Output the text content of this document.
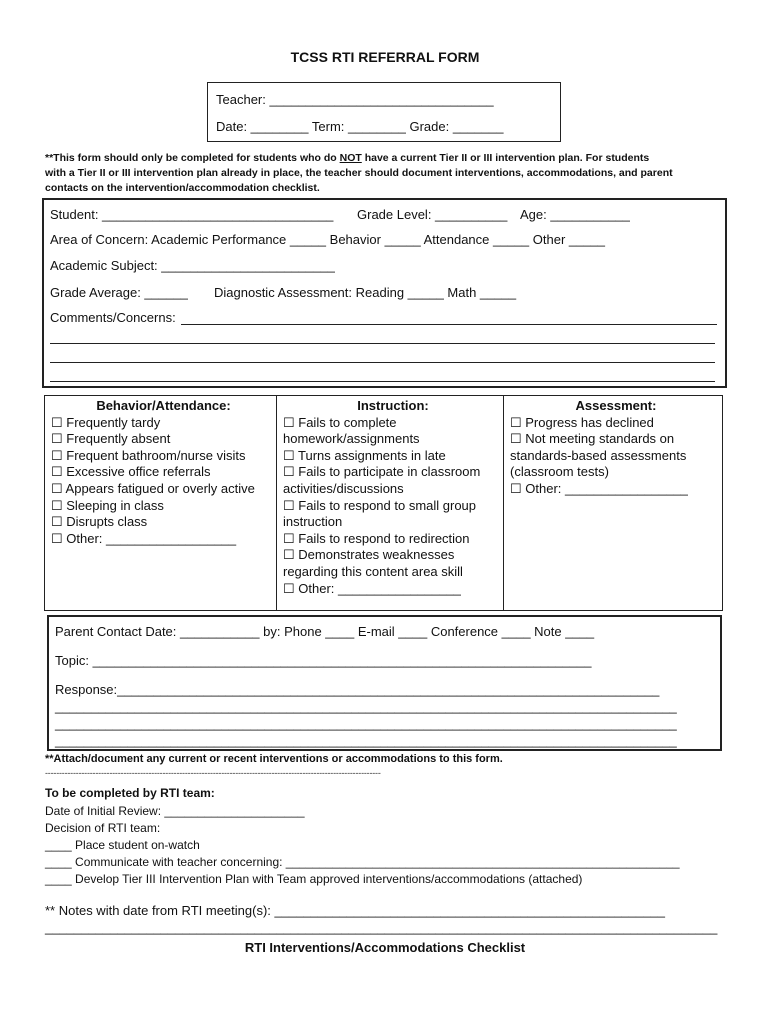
TCSS RTI REFERRAL FORM
Teacher: _______________________________
Date: ________ Term: ________ Grade: _______
**This form should only be completed for students who do NOT have a current Tier II or III intervention plan. For students
with a Tier II or III intervention plan already in place, the teacher should document interventions, accommodations, and parent
contacts on the intervention/accommodation checklist.
Student: ________________________________ Grade Level: __________ Age: ___________
Area of Concern: Academic Performance _____ Behavior _____ Attendance _____ Other _____
Academic Subject: ________________________
Grade Average: ______ Diagnostic Assessment: Reading _____ Math _____
Comments/Concerns:
Behavior/Attendance:
☐ Frequently tardy
☐ Frequently absent
☐ Frequent bathroom/nurse visits
☐ Excessive office referrals
☐ Appears fatigued or overly active
☐ Sleeping in class
☐ Disrupts class
☐ Other: __________________
Instruction:
☐ Fails to complete
homework/assignments
☐ Turns assignments in late
☐ Fails to participate in classroom
activities/discussions
☐ Fails to respond to small group
instruction
☐ Fails to respond to redirection
☐ Demonstrates weaknesses
regarding this content area skill
☐ Other: _________________
Assessment:
☐ Progress has declined
☐ Not meeting standards on
standards-based assessments
(classroom tests)
☐ Other: _________________
Parent Contact Date: ___________ by: Phone ____ E-mail ____ Conference ____ Note ____
Topic: _____________________________________________________________________
Response:___________________________________________________________________________
______________________________________________________________________________________
______________________________________________________________________________________
______________________________________________________________________________________
**Attach/document any current or recent interventions or accommodations to this form.
------------------------------------------------------------------------------------------------------------------------
To be completed by RTI team:
Date of Initial Review: _____________________
Decision of RTI team:
____ Place student on-watch
____ Communicate with teacher concerning: ___________________________________________________________
____ Develop Tier III Intervention Plan with Team approved interventions/accommodations (attached)
** Notes with date from RTI meeting(s): ______________________________________________________
_____________________________________________________________________________________________
RTI Interventions/Accommodations Checklist
